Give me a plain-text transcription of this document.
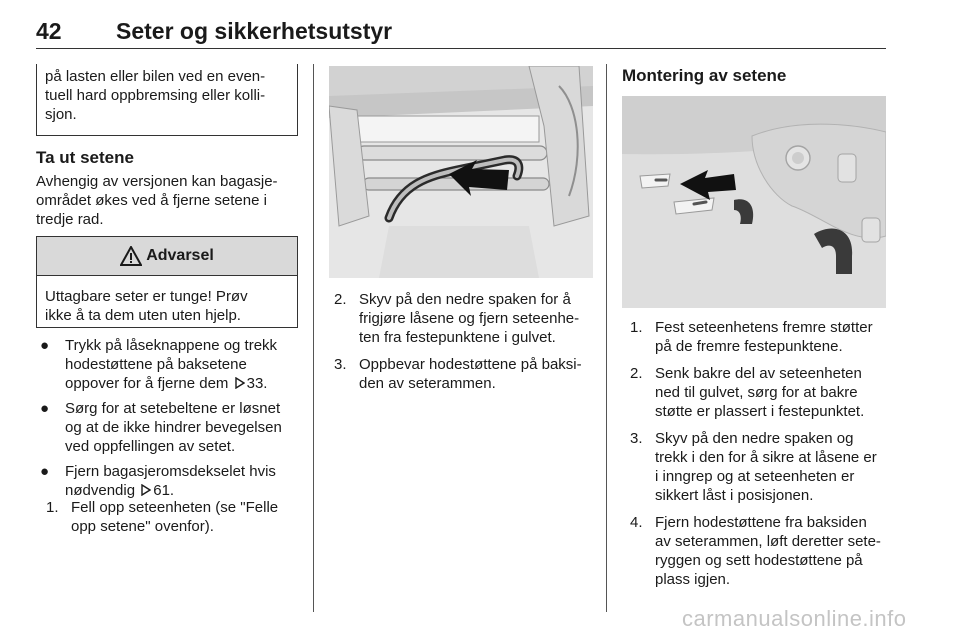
42 Seter og sikkerhetsutstyr
på lasten eller bilen ved en even-
tuell hard oppbremsing eller kolli-
sjon.
Ta ut setene
Avhengig av versjonen kan bagasje-
området økes ved å fjerne setene i
tredje rad.
Advarsel
Uttagbare seter er tunge! Prøv
ikke å ta dem uten uten hjelp.
● Trykk på låseknappene og trekk
hodestøttene på baksetene
oppover for å fjerne dem 33.
● Sørg for at setebeltene er løsnet
og at de ikke hindrer bevegelsen
ved oppfellingen av setet.
● Fjern bagasjeromsdekselet hvis
nødvendig 61.
1. Fell opp seteenheten (se "Felle
opp setene" ovenfor).
2. Skyv på den nedre spaken for å
frigjøre låsene og fjern seteenhe-
ten fra festepunktene i gulvet.
3. Oppbevar hodestøttene på baksi-
den av seterammen.
Montering av setene
1. Fest seteenhetens fremre støtter
på de fremre festepunktene.
2. Senk bakre del av seteenheten
ned til gulvet, sørg for at bakre
støtte er plassert i festepunktet.
3. Skyv på den nedre spaken og
trekk i den for å sikre at låsene er
i inngrep og at seteenheten er
sikkert låst i posisjonen.
4. Fjern hodestøttene fra baksiden
av seterammen, løft deretter sete-
ryggen og sett hodestøttene på
plass igjen.
carmanualsonline.info
